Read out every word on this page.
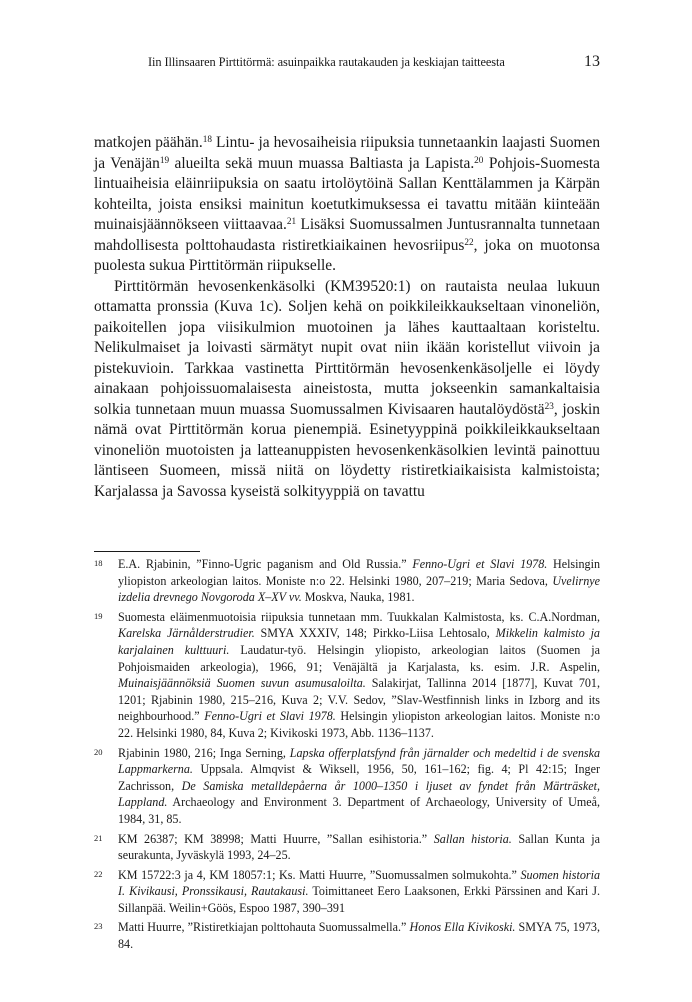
Iin Illinsaaren Pirttitörmä: asuinpaikka rautakauden ja keskiajan taitteesta	13

matkojen päähän.$^{18}$ Lintu- ja hevosaiheisia riipuksia tunnetaankin laajasti Suomen ja Venäjän$^{19}$ alueilta sekä muun muassa Baltiasta ja Lapista.$^{20}$ Pohjois-Suomesta lintuaiheisia eläinriipuksia on saatu irtolöytöinä Sallan Kenttälammen ja Kärpän kohteilta, joista ensiksi mainitun koetutkimuksessa ei tavattu mitään kiinteään muinaisjäännökseen viittaavaa.$^{21}$ Lisäksi Suomussalmen Juntusrannalta tunnetaan mahdollisesta polttohaudasta ristiretkiaikainen hevosriipus$^{22}$, joka on muotonsa puolesta sukua Pirttitörmän riipukselle.

Pirttitörmän hevosenkenkäsolki (KM39520:1) on rautaista neulaa lukuun ottamatta pronssia (Kuva 1c). Soljen kehä on poikkileikkaukseltaan vinoneliön, paikoitellen jopa viisikulmion muotoinen ja lähes kauttaaltaan koristeltu. Nelikulmaiset ja loivasti särmätyt nupit ovat niin ikään koristellut viivoin ja pistekuvioin. Tarkkaa vastinetta Pirttitörmän hevosenkenkäsoljelle ei löydy ainakaan pohjoissuomalaisesta aineistosta, mutta jokseenkin samankaltaisia solkia tunnetaan muun muassa Suomussalmen Kivisaaren hautalöydöstä$^{23}$, joskin nämä ovat Pirttitörmän korua pienempiä. Esinetyyppinä poikkileikkaukseltaan vinoneliön muotoisten ja latteanuppisten hevosenkenkäsolkien levintä painottuu läntiseen Suomeen, missä niitä on löydetty ristiretkiaikaisista kalmistoista; Karjalassa ja Savossa kyseistä solkityyppiä on tavattu

18	E.A. Rjabinin, ”Finno-Ugric paganism and Old Russia.” Fenno-Ugri et Slavi 1978. Helsingin yliopiston arkeologian laitos. Moniste n:o 22. Helsinki 1980, 207–219; Maria Sedova, Uvelirnye izdelia drevnego Novgoroda X–XV vv. Moskva, Nauka, 1981.
19	Suomesta eläimenmuotoisia riipuksia tunnetaan mm. Tuukkalan Kalmistosta, ks. C.A.Nordman, Karelska Järnålderstrudier. SMYA XXXIV, 148; Pirkko-Liisa Lehtosalo, Mikkelin kalmisto ja karjalainen kulttuuri. Laudatur-työ. Helsingin yliopisto, arkeologian laitos (Suomen ja Pohjoismaiden arkeologia), 1966, 91; Venäjältä ja Karjalasta, ks. esim. J.R. Aspelin, Muinaisjäännöksiä Suomen suvun asumusaloilta. Salakirjat, Tallinna 2014 [1877], Kuvat 701, 1201; Rjabinin 1980, 215–216, Kuva 2; V.V. Sedov, ”Slav-Westfinnish links in Izborg and its neighbourhood.” Fenno-Ugri et Slavi 1978. Helsingin yliopiston arkeologian laitos. Moniste n:o 22. Helsinki 1980, 84, Kuva 2; Kivikoski 1973, Abb. 1136–1137.
20	Rjabinin 1980, 216; Inga Serning, Lapska offerplatsfynd från järnalder och medeltid i de svenska Lappmarkerna. Uppsala. Almqvist & Wiksell, 1956, 50, 161–162; fig. 4; Pl 42:15; Inger Zachrisson, De Samiska metalldepåerna år 1000–1350 i ljuset av fyndet från Märträsket, Lappland. Archaeology and Environment 3. Department of Archaeology, University of Umeå, 1984, 31, 85.
21	KM 26387; KM 38998; Matti Huurre, ”Sallan esihistoria.” Sallan historia. Sallan Kunta ja seurakunta, Jyväskylä 1993, 24–25.
22	KM 15722:3 ja 4, KM 18057:1; Ks. Matti Huurre, ”Suomussalmen solmukohta.” Suomen historia I. Kivikausi, Pronssikausi, Rautakausi. Toimittaneet Eero Laaksonen, Erkki Pärssinen and Kari J. Sillanpää. Weilin+Göös, Espoo 1987, 390–391
23	Matti Huurre, ”Ristiretkiajan polttohauta Suomussalmella.” Honos Ella Kivikoski. SMYA 75, 1973, 84.
